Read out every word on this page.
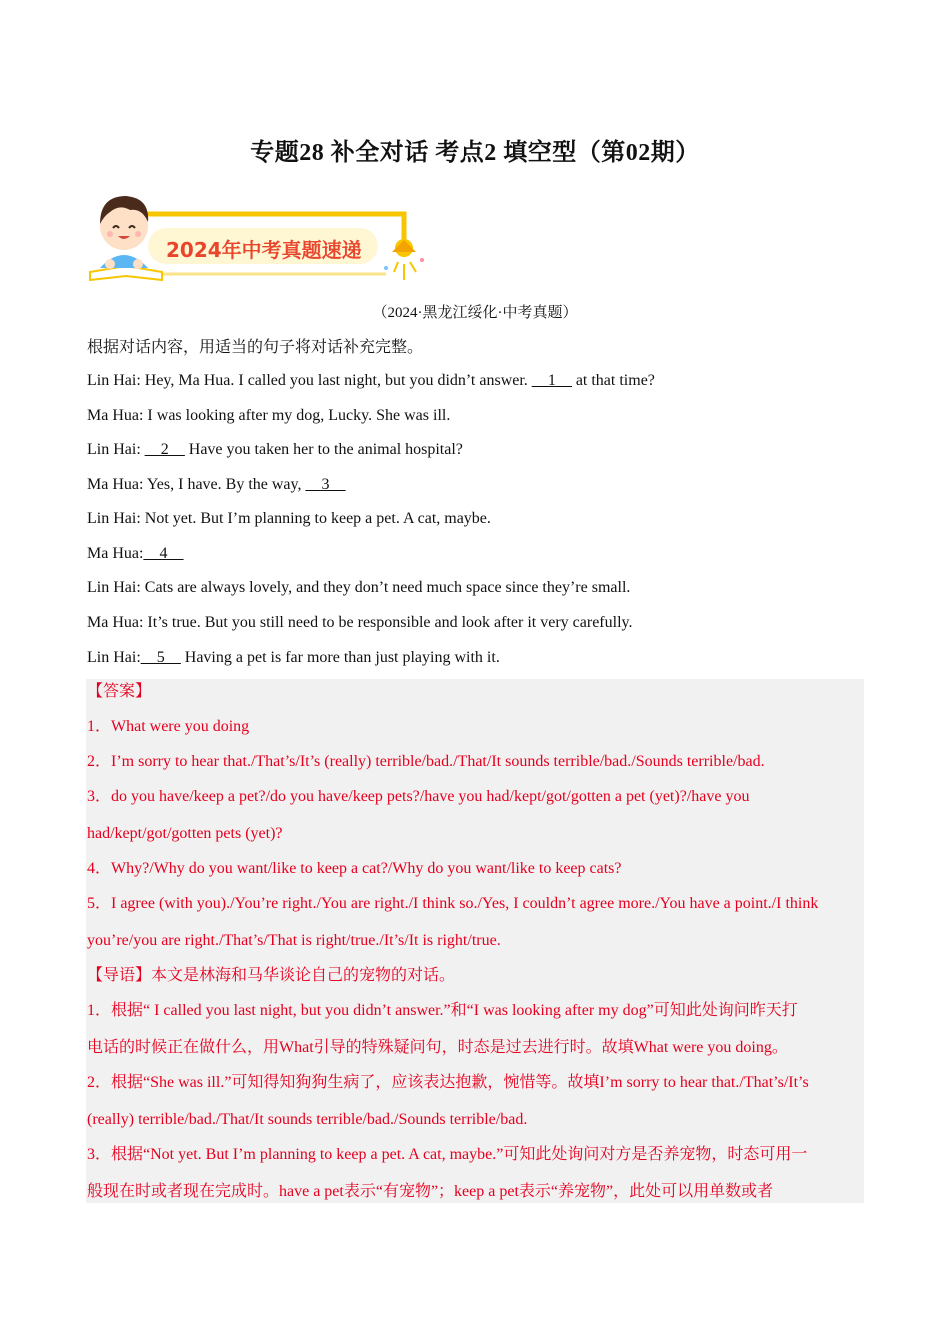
专题28 补全对话 考点2 填空型（第02期）
2024年中考真题速递
（2024·黑龙江绥化·中考真题）
根据对话内容，用适当的句子将对话补充完整。
Lin Hai: Hey, Ma Hua. I called you last night, but you didn’t answer. __1__ at that time?
Ma Hua: I was looking after my dog, Lucky. She was ill.
Lin Hai: __2__ Have you taken her to the animal hospital?
Ma Hua: Yes, I have. By the way, __3__
Lin Hai: Not yet. But I’m planning to keep a pet. A cat, maybe.
Ma Hua:__4__
Lin Hai: Cats are always lovely, and they don’t need much space since they’re small.
Ma Hua: It’s true. But you still need to be responsible and look after it very carefully.
Lin Hai:__5__ Having a pet is far more than just playing with it.
【答案】
1．What were you doing
2．I’m sorry to hear that./That’s/It’s (really) terrible/bad./That/It sounds terrible/bad./Sounds terrible/bad.
3．do you have/keep a pet?/do you have/keep pets?/have you had/kept/got/gotten a pet (yet)?/have you
had/kept/got/gotten pets (yet)?
4．Why?/Why do you want/like to keep a cat?/Why do you want/like to keep cats?
5．I agree (with you)./You’re right./You are right./I think so./Yes, I couldn’t agree more./You have a point./I think
you’re/you are right./That’s/That is right/true./It’s/It is right/true.
【导语】本文是林海和马华谈论自己的宠物的对话。
1．根据“ I called you last night, but you didn’t answer.”和“I was looking after my dog”可知此处询问昨天打
电话的时候正在做什么，用What引导的特殊疑问句，时态是过去进行时。故填What were you doing。
2．根据“She was ill.”可知得知狗狗生病了，应该表达抱歉，惋惜等。故填I’m sorry to hear that./That’s/It’s
(really) terrible/bad./That/It sounds terrible/bad./Sounds terrible/bad.
3．根据“Not yet. But I’m planning to keep a pet. A cat, maybe.”可知此处询问对方是否养宠物，时态可用一
般现在时或者现在完成时。have a pet表示“有宠物”；keep a pet表示“养宠物”，此处可以用单数或者
